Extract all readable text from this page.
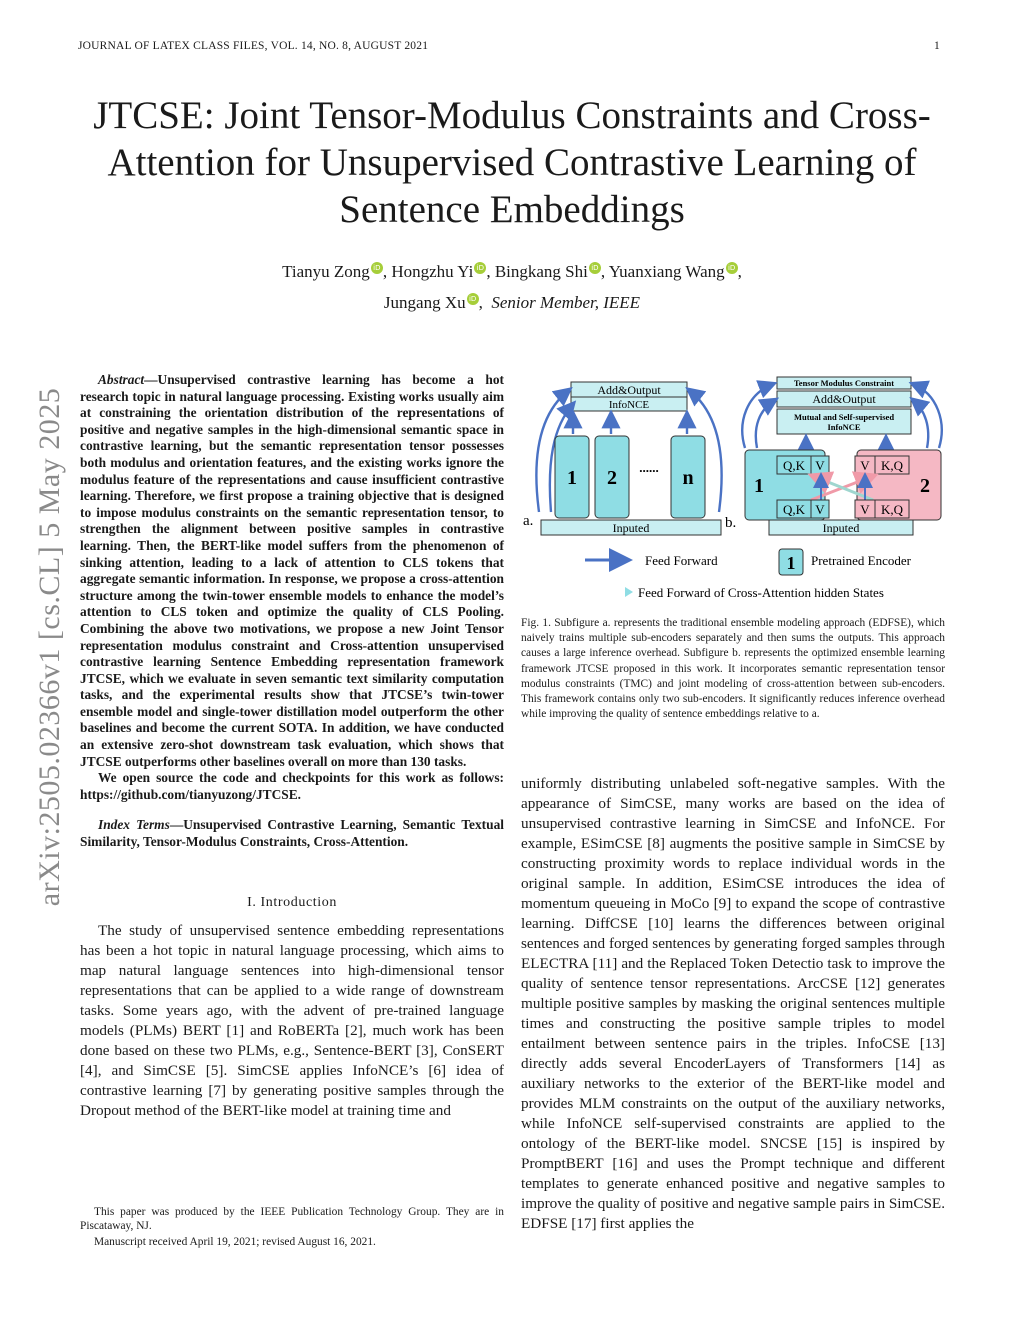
JOURNAL OF LATEX CLASS FILES, VOL. 14, NO. 8, AUGUST 2021	1
arXiv:2505.02366v1 [cs.CL] 5 May 2025
JTCSE: Joint Tensor-Modulus Constraints and Cross-Attention for Unsupervised Contrastive Learning of Sentence Embeddings
Tianyu Zong iD , Hongzhu Yi iD , Bingkang Shi iD , Yuanxiang Wang iD ,
Jungang Xu iD ,  Senior Member, IEEE

Abstract—Unsupervised contrastive learning has become a hot research topic in natural language processing. Existing works usually aim at constraining the orientation distribution of the representations of positive and negative samples in the high-dimensional semantic space in contrastive learning, but the semantic representation tensor possesses both modulus and orientation features, and the existing works ignore the modulus feature of the representations and cause insufficient contrastive learning. Therefore, we first propose a training objective that is designed to impose modulus constraints on the semantic representation tensor, to strengthen the alignment between positive samples in contrastive learning. Then, the BERT-like model suffers from the phenomenon of sinking attention, leading to a lack of attention to CLS tokens that aggregate semantic information. In response, we propose a cross-attention structure among the twin-tower ensemble models to enhance the model’s attention to CLS token and optimize the quality of CLS Pooling. Combining the above two motivations, we propose a new Joint Tensor representation modulus constraint and Cross-attention unsupervised contrastive learning Sentence Embedding representation framework JTCSE, which we evaluate in seven semantic text similarity computation tasks, and the experimental results show that JTCSE’s twin-tower ensemble model and single-tower distillation model outperform the other baselines and become the current SOTA. In addition, we have conducted an extensive zero-shot downstream task evaluation, which shows that JTCSE outperforms other baselines overall on more than 130 tasks.

We open source the code and checkpoints for this work as follows: https://github.com/tianyuzong/JTCSE.

Index Terms—Unsupervised Contrastive Learning, Semantic Textual Similarity, Tensor-Modulus Constraints, Cross-Attention.

I. Introduction

The study of unsupervised sentence embedding representations has been a hot topic in natural language processing, which aims to map natural language sentences into high-dimensional tensor representations that can be applied to a wide range of downstream tasks. Some years ago, with the advent of pre-trained language models (PLMs) BERT [1] and RoBERTa [2], much work has been done based on these two PLMs, e.g., Sentence-BERT [3], ConSERT [4], and SimCSE [5]. SimCSE applies InfoNCE’s [6] idea of contrastive learning [7] by generating positive samples through the Dropout method of the BERT-like model at training time and

This paper was produced by the IEEE Publication Technology Group. They are in Piscataway, NJ.

Manuscript received April 19, 2021; revised August 16, 2021.

Add&Output
InfoNCE
1 2 ...... n
Inputed
a.	b.
Tensor Modulus Constraint
Add&Output
Mutual and Self-supervised
InfoNCE
1	2
Q,K V	V K,Q
Q,K V	V K,Q
Inputed
Feed Forward	1 Pretrained Encoder
Feed Forward of Cross-Attention hidden States
Fig. 1. Subfigure a. represents the traditional ensemble modeling approach (EDFSE), which naively trains multiple sub-encoders separately and then sums the outputs. This approach causes a large inference overhead. Subfigure b. represents the optimized ensemble learning framework JTCSE proposed in this work. It incorporates semantic representation tensor modulus constraints (TMC) and joint modeling of cross-attention between sub-encoders. This framework contains only two sub-encoders. It significantly reduces inference overhead while improving the quality of sentence embeddings relative to a.

uniformly distributing unlabeled soft-negative samples. With the appearance of SimCSE, many works are based on the idea of unsupervised contrastive learning in SimCSE and InfoNCE. For example, ESimCSE [8] augments the positive sample in SimCSE by constructing proximity words to replace individual words in the original sample. In addition, ESimCSE introduces the idea of momentum queueing in MoCo [9] to expand the scope of contrastive learning. DiffCSE [10] learns the differences between original sentences and forged sentences by generating forged samples through ELECTRA [11] and the Replaced Token Detectio task to improve the quality of sentence tensor representations. ArcCSE [12] generates multiple positive samples by masking the original sentences multiple times and constructing the positive sample triples to model entailment between sentence pairs in the triples. InfoCSE [13] directly adds several EncoderLayers of Transformers [14] as auxiliary networks to the exterior of the BERT-like model and provides MLM constraints on the output of the auxiliary networks, while InfoNCE self-supervised constraints are applied to the ontology of the BERT-like model. SNCSE [15] is inspired by PromptBERT [16] and uses the Prompt technique and different templates to generate enhanced positive and negative samples to improve the quality of positive and negative sample pairs in SimCSE. EDFSE [17] first applies the
